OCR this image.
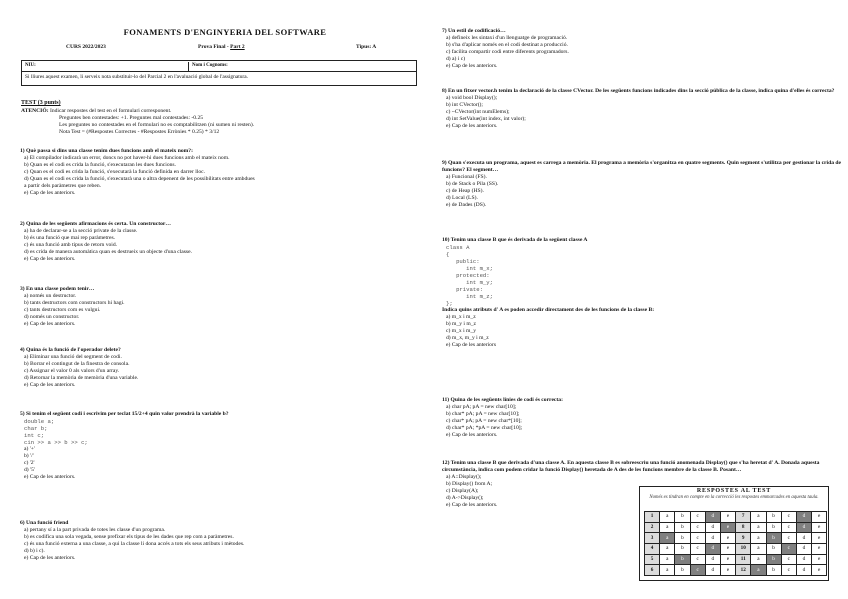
FONAMENTS D'ENGINYERIA DEL SOFTWARE
CURS 2022/2023	Prova Final - Part 2	Tipus: A
NIU:	Nom i Cognoms:
Si lliures aquest examen, li serveix nota substituir-lo del Parcial 2 en l'avaluació global de l'assignatura.
TEST (3 punts)
ATENCIÓ: Indicar respostes del test en el formulari corresponent.
Preguntes ben contestades: +1. Preguntes mal contestades: -0.25
Les preguntes no contestades en el formulari no es comptabilitzen (ni sumen ni resten).
Nota Test = (#Respostes Correctes - #Respostes Errònies * 0.25) * 3/12
1) Què passa si dins una classe tenim dues funcions amb el mateix nom?:
a) El compilador indicarà un error, doncs no pot haver-hi dues funcions amb el mateix nom.
b) Quan es el codi es crida la funció, s'executaran les dues funcions.
c) Quan es el codi es crida la funció, s'executarà la funció definida en darrer lloc.
d) Quan es el codi es crida la funció, s'executarà una o altra depenent de les possibilitats entre ambdues
a partir dels paràmetres que reben.
e) Cap de les anteriors.
2) Quina de les següents afirmacions és certa. Un constructor…
a) ha de declarar-se a la secció private de la classe.
b) és una funció que mai rep paràmetres.
c) és una funció amb tipus de retorn void.
d) es crida de manera automàtica quan es destrueix un objecte d'una classe.
e) Cap de les anteriors.
3) En una classe podem tenir…
a) només un destructor.
b) tants destructors com constructors hi hagi.
c) tants destructors com es vulgui.
d) només un constructor.
e) Cap de les anteriors.
4) Quina és la funció de l'operador delete?
a) Eliminar una funció del segment de codi.
b) Borrar el contingut de la finestra de consola.
c) Assignar el valor 0 als valors d'un array.
d) Retornar la memòria de memòria d'una variable.
e) Cap de les anteriors.
5) Si tenim el següent codi i escrivim per teclat 15/2+4 quin valor prendrà la variable b?
double a;
char b;
int c;
cin >> a >> b >> c;
a) '+'
b) '/'
c) '2'
d) '5'
e) Cap de les anteriors.
6) Una funció friend
a) pertany sí a la part privada de totes les classe d'un programa.
b) es codifica una sola vegada, sense prefixar els tipus de les dades que rep com a paràmetres.
c) és una funció externa a una classe, a qui la classe li dona accés a tots els seus atributs i mètodes.
d) b) i c).
e) Cap de les anteriors.
7) Un estil de codificació…
a) defineix les sintaxi d'un llenguatge de programació.
b) s'ha d'aplicar només en el codi destinat a producció.
c) facilita compartir codi entre diferents programadors.
d) a) i c)
e) Cap de les anteriors.
8) En un fitxer vector.h tenim la declaració de la classe CVector. De les següents funcions indicades dins la secció pública de la classe, indica quina d'elles és correcta?
a) void bool Display();
b) int CVector();
c) ~CVector(int numElems);
d) int SetValue(int index, int valor);
e) Cap de les anteriors.
9) Quan s'executa un programa, aquest es carrega a memòria. El programa a memòria s'organitza en quatre segments. Quin segment s'utilitza per gestionar la crida de funcions? El segment…
a) Funcional (FS).
b) de Stack o Pila (SS).
c) de Heap (HS).
d) Local (LS).
e) de Dades (DS).
10) Tenim una classe B que és derivada de la següent classe A
class A
{
public:
int m_x;
protected:
int m_y;
private:
int m_z;
};
Indica quins atributs d' A es poden accedir directament des de les funcions de la classe B:
a) m_x i m_z
b) m_y i m_z
c) m_x i m_y
d) m_x, m_y i m_z
e) Cap de les anteriors
11) Quina de les següents línies de codi és correcta:
a) char pA; pA = new char[10];
b) char* pA; pA = new char[10];
c) char* pA; pA = new char*[10];
d) char* pA; *pA = new char[10];
e) Cap de les anteriors.
12) Tenim una classe B que derivada d'una classe A. En aquesta classe B es sobreescriu una funció anomenada Display() que s'ha heretat d' A. Donada aquesta circumstància, indica com podem cridar la funció Display() heretada de A des de les funcions membre de la classe B. Posant…
a) A::Display();
b) Display() from A;
c) Display(A);
d) A->Display();
e) Cap de les anteriors.
RESPOSTES AL TEST
Només es tindran en compte en la correcció les respostes emmarcades en aquesta taula.
1	a	b	c	d	e	7	a	b	c	d	e
2	a	b	c	d	e	8	a	b	c	d	e
3	a	b	c	d	e	9	a	b	c	d	e
4	a	b	c	d	e	10	a	b	c	d	e
5	a	b	c	d	e	11	a	b	c	d	e
6	a	b	c	d	e	12	a	b	c	d	e
